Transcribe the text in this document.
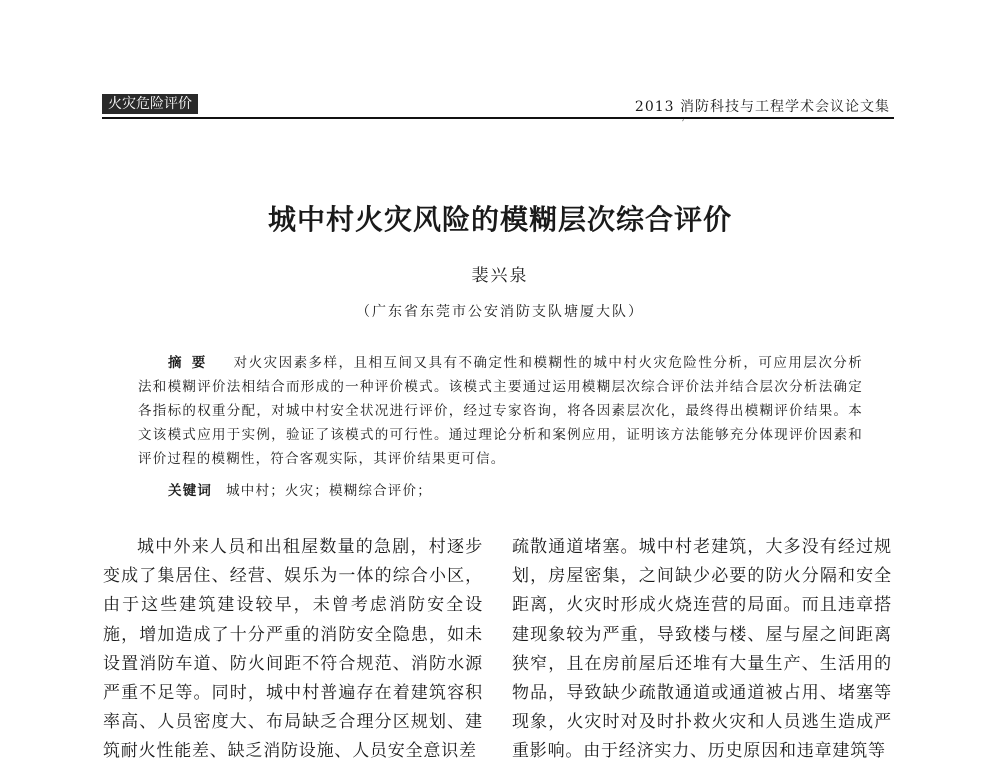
火灾危险评价	2013 消防科技与工程学术会议论文集
′
城中村火灾风险的模糊层次综合评价
裴兴泉
（广东省东莞市公安消防支队塘厦大队）
摘要 对火灾因素多样，且相互间又具有不确定性和模糊性的城中村火灾危险性分析，可应用层次分析法和模糊评价法相结合而形成的一种评价模式。该模式主要通过运用模糊层次综合评价法并结合层次分析法确定各指标的权重分配，对城中村安全状况进行评价，经过专家咨询，将各因素层次化，最终得出模糊评价结果。本文该模式应用于实例，验证了该模式的可行性。通过理论分析和案例应用，证明该方法能够充分体现评价因素和评价过程的模糊性，符合客观实际，其评价结果更可信。
关键词 城中村；火灾；模糊综合评价；
城中外来人员和出租屋数量的急剧，村逐步变成了集居住、经营、娱乐为一体的综合小区，由于这些建筑建设较早，未曾考虑消防安全设施，增加造成了十分严重的消防安全隐患，如未设置消防车道、防火间距不符合规范、消防水源严重不足等。同时，城中村普遍存在着建筑容积率高、人员密度大、布局缺乏合理分区规划、建筑耐火性能差、缺乏消防设施、人员安全意识差
疏散通道堵塞。城中村老建筑，大多没有经过规划，房屋密集，之间缺少必要的防火分隔和安全距离，火灾时形成火烧连营的局面。而且违章搭建现象较为严重，导致楼与楼、屋与屋之间距离狭窄，且在房前屋后还堆有大量生产、生活用的物品，导致缺少疏散通道或通道被占用、堵塞等现象，火灾时对及时扑救火灾和人员逃生造成严重影响。由于经济实力、历史原因和违章建筑等
